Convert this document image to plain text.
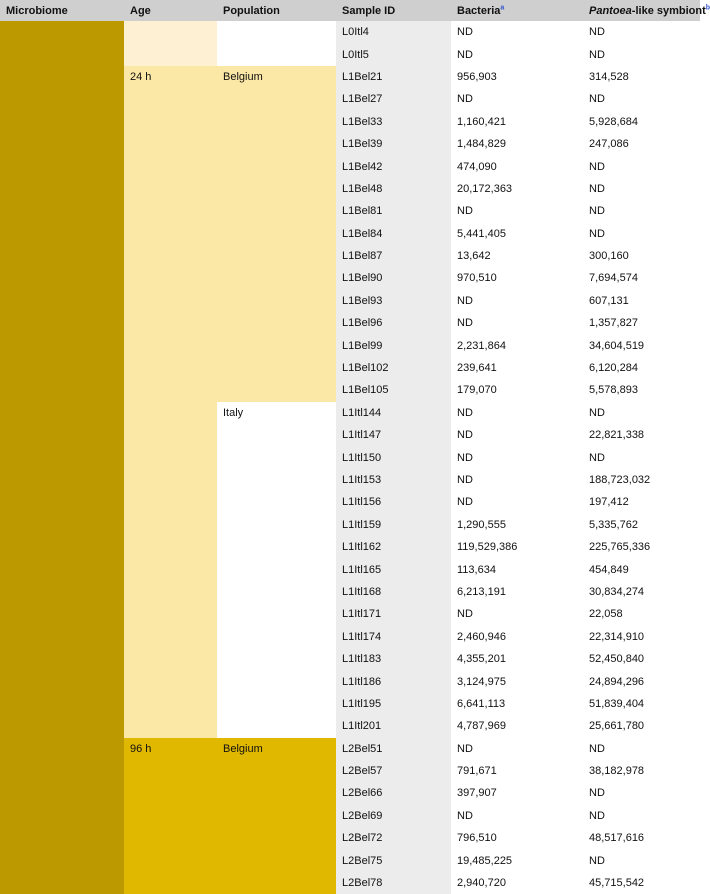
Microbiome	Age	Population	Sample ID	Bacteria$^a$	Pantoea-like symbiont$^b$
			L0Itl4	ND	ND
			L0Itl5	ND	ND
	24 h	Belgium	L1Bel21	956,903	314,528
			L1Bel27	ND	ND
			L1Bel33	1,160,421	5,928,684
			L1Bel39	1,484,829	247,086
			L1Bel42	474,090	ND
			L1Bel48	20,172,363	ND
			L1Bel81	ND	ND
			L1Bel84	5,441,405	ND
			L1Bel87	13,642	300,160
			L1Bel90	970,510	7,694,574
			L1Bel93	ND	607,131
			L1Bel96	ND	1,357,827
			L1Bel99	2,231,864	34,604,519
			L1Bel102	239,641	6,120,284
			L1Bel105	179,070	5,578,893
		Italy	L1Itl144	ND	ND
			L1Itl147	ND	22,821,338
			L1Itl150	ND	ND
			L1Itl153	ND	188,723,032
			L1Itl156	ND	197,412
			L1Itl159	1,290,555	5,335,762
			L1Itl162	119,529,386	225,765,336
			L1Itl165	113,634	454,849
			L1Itl168	6,213,191	30,834,274
			L1Itl171	ND	22,058
			L1Itl174	2,460,946	22,314,910
			L1Itl183	4,355,201	52,450,840
			L1Itl186	3,124,975	24,894,296
			L1Itl195	6,641,113	51,839,404
			L1Itl201	4,787,969	25,661,780
	96 h	Belgium	L2Bel51	ND	ND
			L2Bel57	791,671	38,182,978
			L2Bel66	397,907	ND
			L2Bel69	ND	ND
			L2Bel72	796,510	48,517,616
			L2Bel75	19,485,225	ND
			L2Bel78	2,940,720	45,715,542
